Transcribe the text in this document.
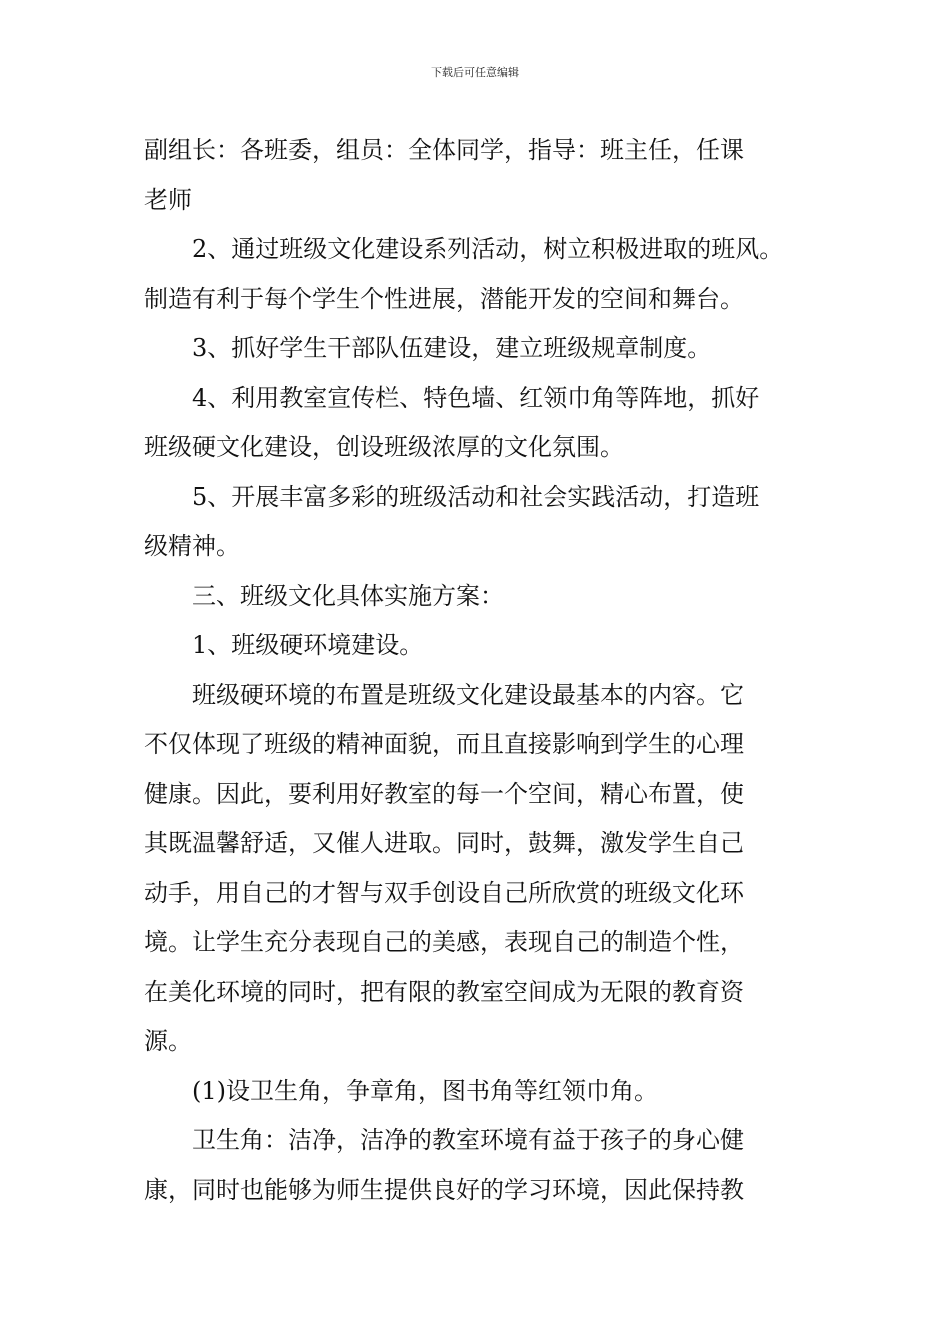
下载后可任意编辑
副组长：各班委，组员：全体同学，指导：班主任，任课
老师
2、通过班级文化建设系列活动，树立积极进取的班风。
制造有利于每个学生个性进展，潜能开发的空间和舞台。
3、抓好学生干部队伍建设，建立班级规章制度。
4、利用教室宣传栏、特色墙、红领巾角等阵地，抓好
班级硬文化建设，创设班级浓厚的文化氛围。
5、开展丰富多彩的班级活动和社会实践活动，打造班
级精神。
三、班级文化具体实施方案：
1、班级硬环境建设。
班级硬环境的布置是班级文化建设最基本的内容。它
不仅体现了班级的精神面貌，而且直接影响到学生的心理
健康。因此，要利用好教室的每一个空间，精心布置，使
其既温馨舒适，又催人进取。同时，鼓舞，激发学生自己
动手，用自己的才智与双手创设自己所欣赏的班级文化环
境。让学生充分表现自己的美感，表现自己的制造个性，
在美化环境的同时，把有限的教室空间成为无限的教育资
源。
(1)设卫生角，争章角，图书角等红领巾角。
卫生角：洁净，洁净的教室环境有益于孩子的身心健
康，同时也能够为师生提供良好的学习环境，因此保持教
